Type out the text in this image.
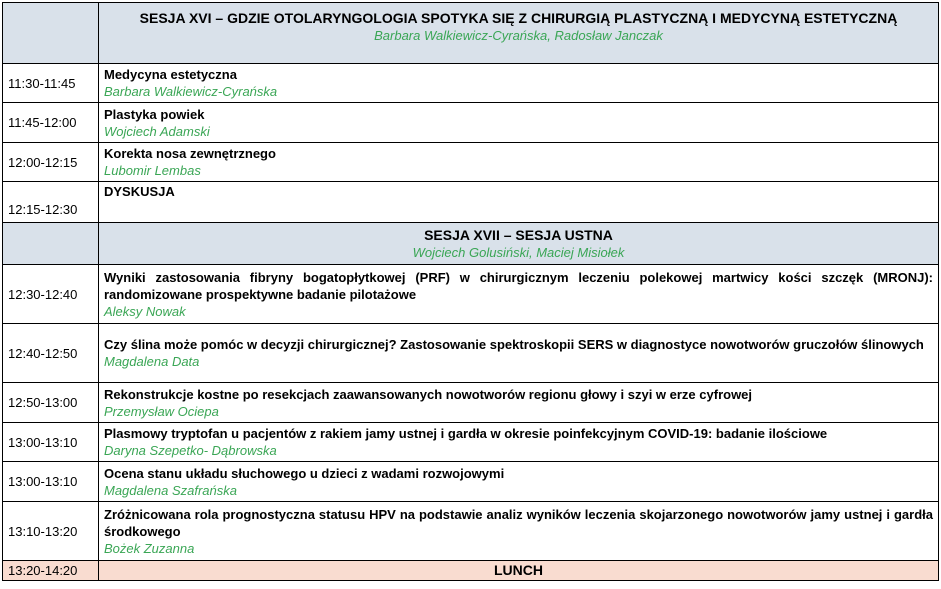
	SESJA XVI – GDZIE OTOLARYNGOLOGIA SPOTYKA SIĘ Z CHIRURGIĄ PLASTYCZNĄ I MEDYCYNĄ ESTETYCZNĄ
Barbara Walkiewicz-Cyrańska, Radosław Janczak

11:30-11:45	Medycyna estetyczna
Barbara Walkiewicz-Cyrańska

11:45-12:00	Plastyka powiek
Wojciech Adamski

12:00-12:15	Korekta nosa zewnętrznego
Lubomir Lembas

12:15-12:30	DYSKUSJA

	SESJA XVII – SESJA USTNA
Wojciech Golusiński, Maciej Misiołek

12:30-12:40	Wyniki zastosowania fibryny bogatopłytkowej (PRF) w chirurgicznym leczeniu polekowej martwicy kości szczęk (MRONJ): randomizowane prospektywne badanie pilotażowe
Aleksy Nowak

12:40-12:50	Czy ślina może pomóc w decyzji chirurgicznej? Zastosowanie spektroskopii SERS w diagnostyce nowotworów gruczołów ślinowych
Magdalena Data

12:50-13:00	Rekonstrukcje kostne po resekcjach zaawansowanych nowotworów regionu głowy i szyi w erze cyfrowej
Przemysław Ociepa

13:00-13:10	Plasmowy tryptofan u pacjentów z rakiem jamy ustnej i gardła w okresie poinfekcyjnym COVID-19: badanie ilościowe
Daryna Szepetko- Dąbrowska

13:00-13:10	Ocena stanu układu słuchowego u dzieci z wadami rozwojowymi
Magdalena Szafrańska

13:10-13:20	Zróżnicowana rola prognostyczna statusu HPV na podstawie analiz wyników leczenia skojarzonego nowotworów jamy ustnej i gardła środkowego
Bożek Zuzanna

13:20-14:20	LUNCH
